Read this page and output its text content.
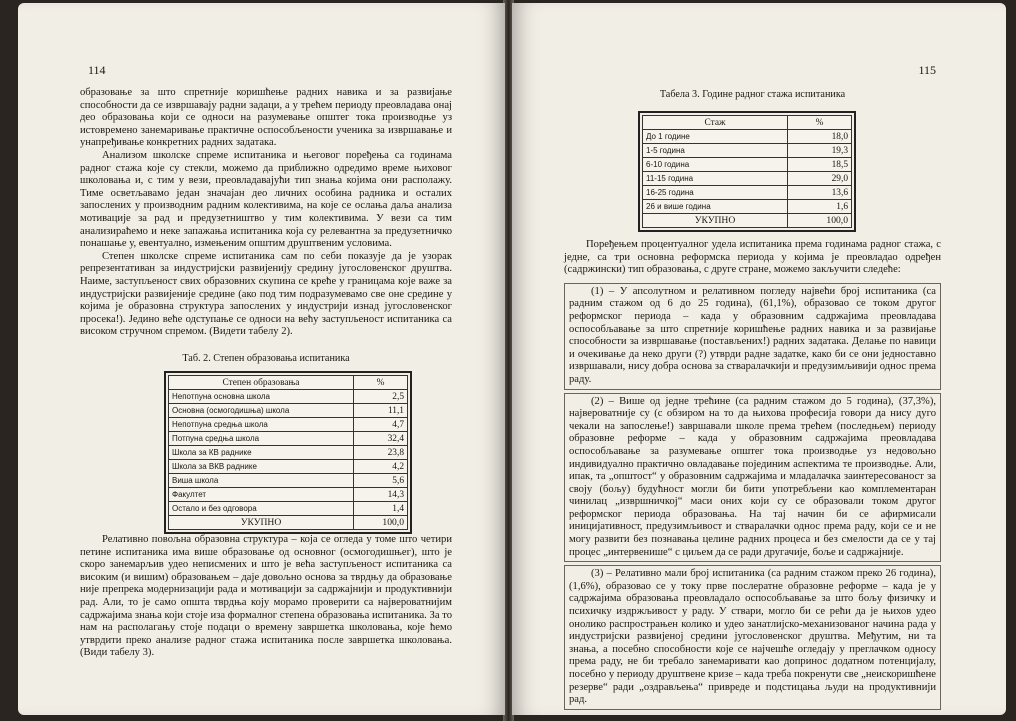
114

образовање за што спретније коришћење радних навика и за развијање способности да се извршавају радни задаци, а у трећем периоду преовладава онај део образовања који се односи на разумевање општег тока производње уз истовремено занемаривање практичне оспособљености ученика за извршавање и унапређивање конкретних радних задатака.

Анализом школске спреме испитаника и његовог поређења са годинама радног стажа које су стекли, можемо да приближно одредимо време њиховог школовања и, с тим у вези, преовладавајући тип знања којима они располажу. Тиме осветљавамо један значајан део личних особина радника и осталих запослених у производним радним колективима, на које се ослања даља анализа мотивације за рад и предузетништво у тим колективима. У вези са тим анализираћемо и неке запажања испитаника која су релевантна за предузетничко понашање у, евентуално, измењеним општим друштвеним условима.

Степен школске спреме испитаника сам по себи показује да је узорак репрезентативан за индустријски развијенију средину југословенског друштва. Наиме, заступљеност свих образовних скупина се креће у границама које важе за индустријски развијеније средине (ако под тим подразумевамо све оне средине у којима је образовна структура запослених у индустрији изнад југословенског просека!). Једино веће одступање се односи на већу заступљеност испитаника са високом стручном спремом. (Видети табелу 2).

Таб. 2. Степен образовања испитаника
Степен образовања	%
Непотпуна основна школа	2,5
Основна (осмогодишња) школа	11,1
Непотпуна средња школа	4,7
Потпуна средња школа	32,4
Школа за КВ раднике	23,8
Школа за ВКВ раднике	4,2
Виша школа	5,6
Факултет	14,3
Остало и без одговора	1,4
УКУПНО	100,0

Релативно повољна образовна структура – која се огледа у томе што четири петине испитаника има више образовање од основног (осмогодишњег), што је скоро занемарљив удео неписмених и што је већа заступљеност испитаника са високим (и вишим) образовањем – даје довољно основа за тврдњу да образовање није препрека модернизацији рада и мотивацији за садржајнији и продуктивнији рад. Али, то је само општа тврдња коју морамо проверити са највероватнијим садржајима знања који стоје иза формалног степена образовања испитаника. За то нам на располагању стоје подаци о времену завршетка школовања, које ћемо утврдити преко анализе радног стажа испитаника после завршетка школовања. (Види табелу 3).

115
Табела 3. Године радног стажа испитаника
Стаж	%
До 1 године	18,0
1-5 година	19,3
6-10 година	18,5
11-15 година	29,0
16-25 година	13,6
26 и више година	1,6
УКУПНО	100,0

Поређењем процентуалног удела испитаника према годинама радног стажа, с једне, са три основна реформска периода у којима је преовладао одређен (садржински) тип образовања, с друге стране, можемо закључити следеће:

(1) – У апсолутном и релативном погледу највећи број испитаника (са радним стажом од 6 до 25 година), (61,1%), образовао се током другог реформског периода – када у образовним садржајима преовладава оспособљавање за што спретније коришћење радних навика и за развијање способности за извршавање (постављених!) радних задатака. Делање по навици и очекивање да неко други (?) утврди радне задатке, како би се они једноставно извршавали, нису добра основа за стваралачкији и предузимљивији однос према раду.

(2) – Више од једне трећине (са радним стажом до 5 година), (37,3%), највероватније су (с обзиром на то да њихова професија говори да нису дуго чекали на запослење!) завршавали школе према трећем (последњем) периоду образовне реформе – када у образовним садржајима преовладава оспособљавање за разумевање општег тока производње уз недовољно индивидуално практично овладавање појединим аспектима те производње. Али, ипак, та „општост“ у образовним садржајима и младалачка заинтересованост за своју (бољу) будућност могли би бити употребљени као комплементаран чинилац „извршничкој“ маси оних који су се образовали током другог реформског периода образовања. На тај начин би се афирмисали иницијативност, предузимљивост и стваралачки однос према раду, који се и не могу развити без познавања целине радних процеса и без смелости да се у тај процес „интервенише“ с циљем да се ради другачије, боље и садржајније.

(3) – Релативно мали број испитаника (са радним стажом преко 26 година), (1,6%), образовао се у току прве послератне образовне реформе – када је у садржајима образовања преовладало оспособљавање за што бољу физичку и психичку издржљивост у раду. У ствари, могло би се рећи да је њихов удео онолико распрострањен колико и удео занатлијско-механизованог начина рада у индустријски развијеној средини југословенског друштва. Међутим, ни та знања, а посебно способности које се најчешће огледају у преглачком односу према раду, не би требало занемаривати као допринос додатном потенцијалу, посебно у периоду друштвене кризе – када треба покренути све „неискоришћене резерве“ ради „оздрављења“ привреде и подстицања људи на продуктивнији рад.
